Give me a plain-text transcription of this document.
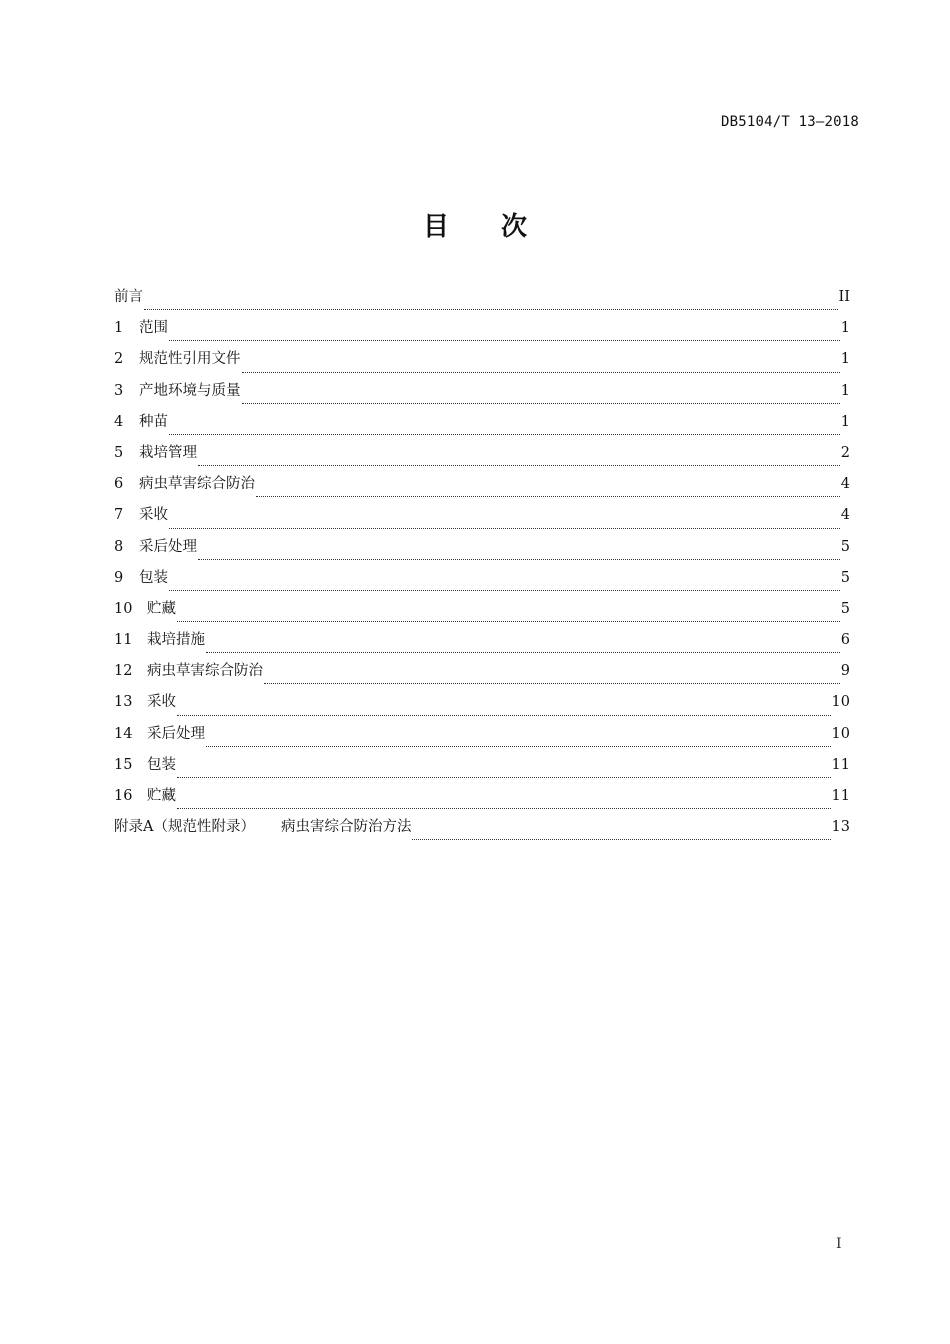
DB5104/T 13—2018
目 次
前言	II
1	范围	1
2	规范性引用文件	1
3	产地环境与质量	1
4	种苗	1
5	栽培管理	2
6	病虫草害综合防治	4
7	采收	4
8	采后处理	5
9	包装	5
10	贮藏	5
11	栽培措施	6
12	病虫草害综合防治	9
13	采收	10
14	采后处理	10
15	包装	11
16	贮藏	11
附录A（规范性附录） 病虫害综合防治方法	13
I
